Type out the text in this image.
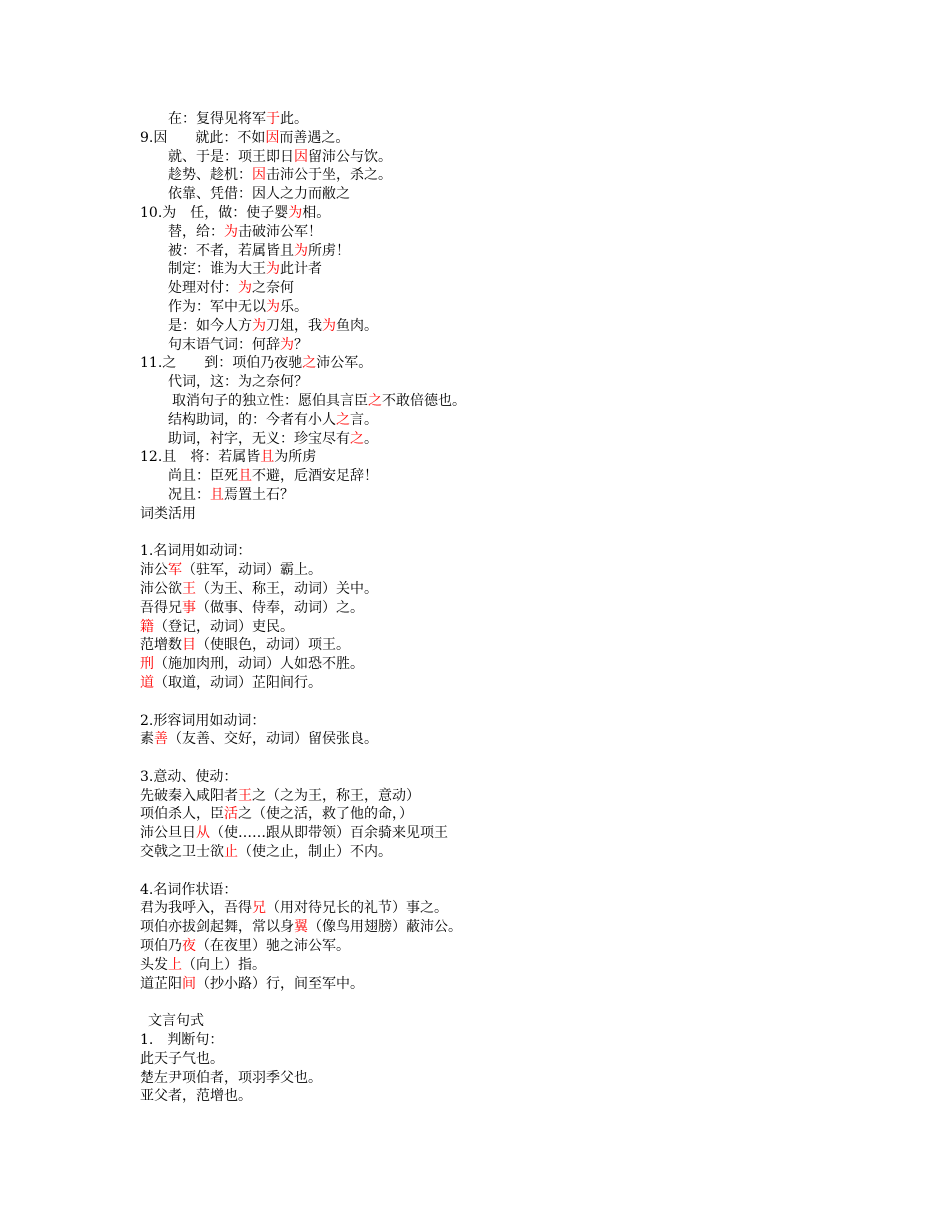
在：复得见将军于此。
9.因　　就此：不如因而善遇之。
就、于是：项王即日因留沛公与饮。
趁势、趁机：因击沛公于坐，杀之。
依靠、凭借：因人之力而敝之
10.为　任，做：使子婴为相。
替，给：为击破沛公军！
被：不者，若属皆且为所虏！
制定：谁为大王为此计者
处理对付：为之奈何
作为：军中无以为乐。
是：如今人方为刀俎，我为鱼肉。
句末语气词：何辞为？
11.之　　到：项伯乃夜驰之沛公军。
代词，这：为之奈何？
取消句子的独立性：愿伯具言臣之不敢倍德也。
结构助词，的：今者有小人之言。
助词，衬字，无义：珍宝尽有之。
12.且　将：若属皆且为所虏
尚且：臣死且不避，卮酒安足辞！
况且：且焉置土石？
词类活用
1.名词用如动词：
沛公军（驻军，动词）霸上。
沛公欲王（为王、称王，动词）关中。
吾得兄事（做事、侍奉，动词）之。
籍（登记，动词）吏民。
范增数目（使眼色，动词）项王。
刑（施加肉刑，动词）人如恐不胜。
道（取道，动词）芷阳间行。
2.形容词用如动词：
素善（友善、交好，动词）留侯张良。
3.意动、使动：
先破秦入咸阳者王之（之为王，称王，意动）
项伯杀人，臣活之（使之活，救了他的命，）
沛公旦日从（使……跟从即带领）百余骑来见项王
交戟之卫士欲止（使之止，制止）不内。
4.名词作状语：
君为我呼入，吾得兄（用对待兄长的礼节）事之。
项伯亦拔剑起舞，常以身翼（像鸟用翅膀）蔽沛公。
项伯乃夜（在夜里）驰之沛公军。
头发上（向上）指。
道芷阳间（抄小路）行，间至军中。
文言句式
1.　判断句：
此天子气也。
楚左尹项伯者，项羽季父也。
亚父者，范增也。
